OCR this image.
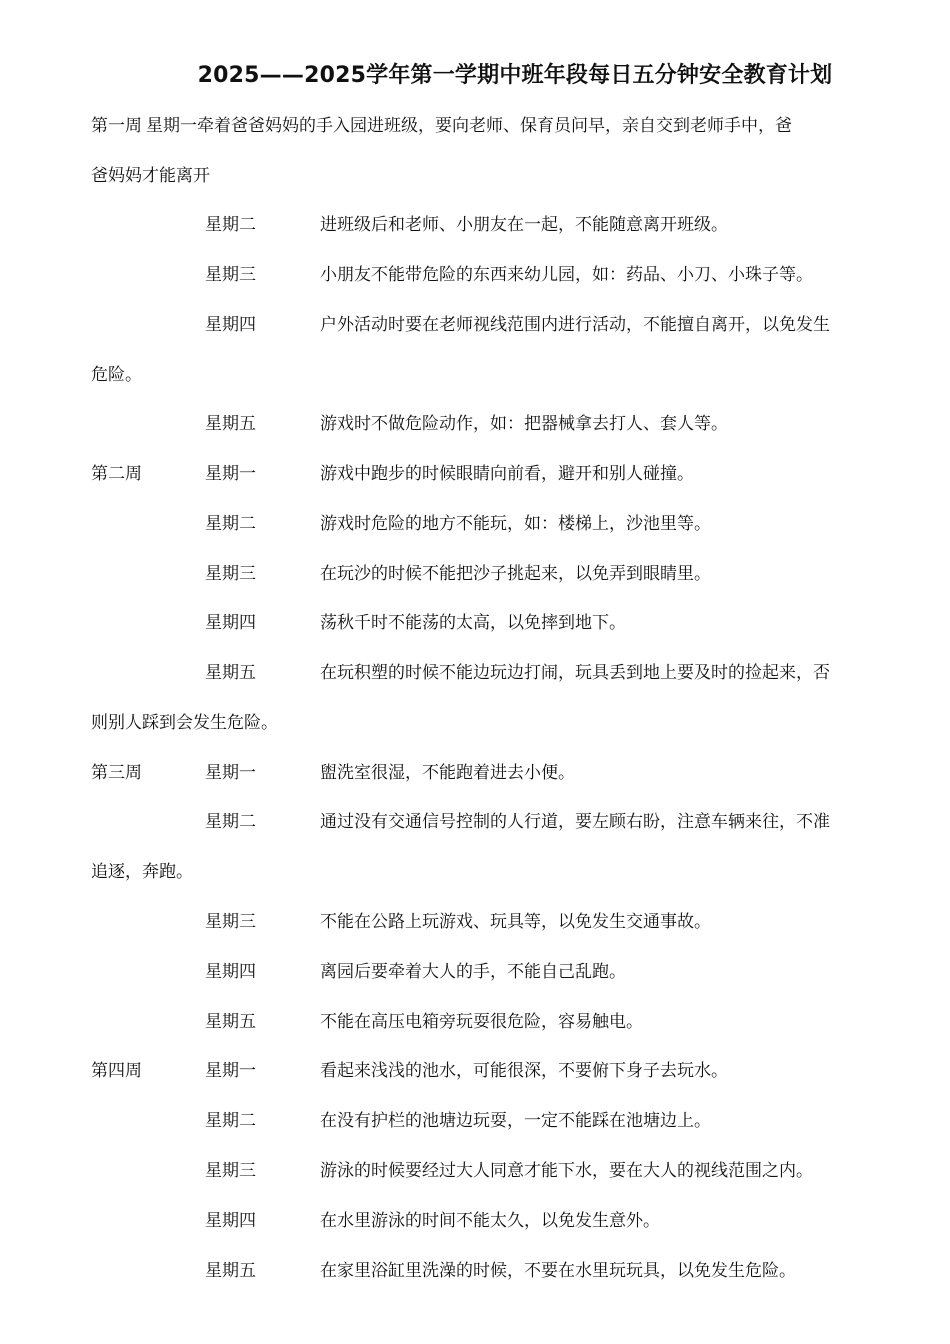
2025——2025学年第一学期中班年段每日五分钟安全教育计划
第一周 星期一牵着爸爸妈妈的手入园进班级，要向老师、保育员问早，亲自交到老师手中，爸
爸妈妈才能离开
星期二	进班级后和老师、小朋友在一起，不能随意离开班级。
星期三	小朋友不能带危险的东西来幼儿园，如：药品、小刀、小珠子等。
星期四	户外活动时要在老师视线范围内进行活动，不能擅自离开，以免发生
危险。
星期五	游戏时不做危险动作，如：把器械拿去打人、套人等。
第二周	星期一	游戏中跑步的时候眼睛向前看，避开和别人碰撞。
星期二	游戏时危险的地方不能玩，如：楼梯上，沙池里等。
星期三	在玩沙的时候不能把沙子挑起来，以免弄到眼睛里。
星期四	荡秋千时不能荡的太高，以免摔到地下。
星期五	在玩积塑的时候不能边玩边打闹，玩具丢到地上要及时的捡起来，否
则别人踩到会发生危险。
第三周	星期一	盥洗室很湿，不能跑着进去小便。
星期二	通过没有交通信号控制的人行道，要左顾右盼，注意车辆来往，不准
追逐，奔跑。
星期三	不能在公路上玩游戏、玩具等，以免发生交通事故。
星期四	离园后要牵着大人的手，不能自己乱跑。
星期五	不能在高压电箱旁玩耍很危险，容易触电。
第四周	星期一	看起来浅浅的池水，可能很深，不要俯下身子去玩水。
星期二	在没有护栏的池塘边玩耍，一定不能踩在池塘边上。
星期三	游泳的时候要经过大人同意才能下水，要在大人的视线范围之内。
星期四	在水里游泳的时间不能太久，以免发生意外。
星期五	在家里浴缸里洗澡的时候，不要在水里玩玩具，以免发生危险。
